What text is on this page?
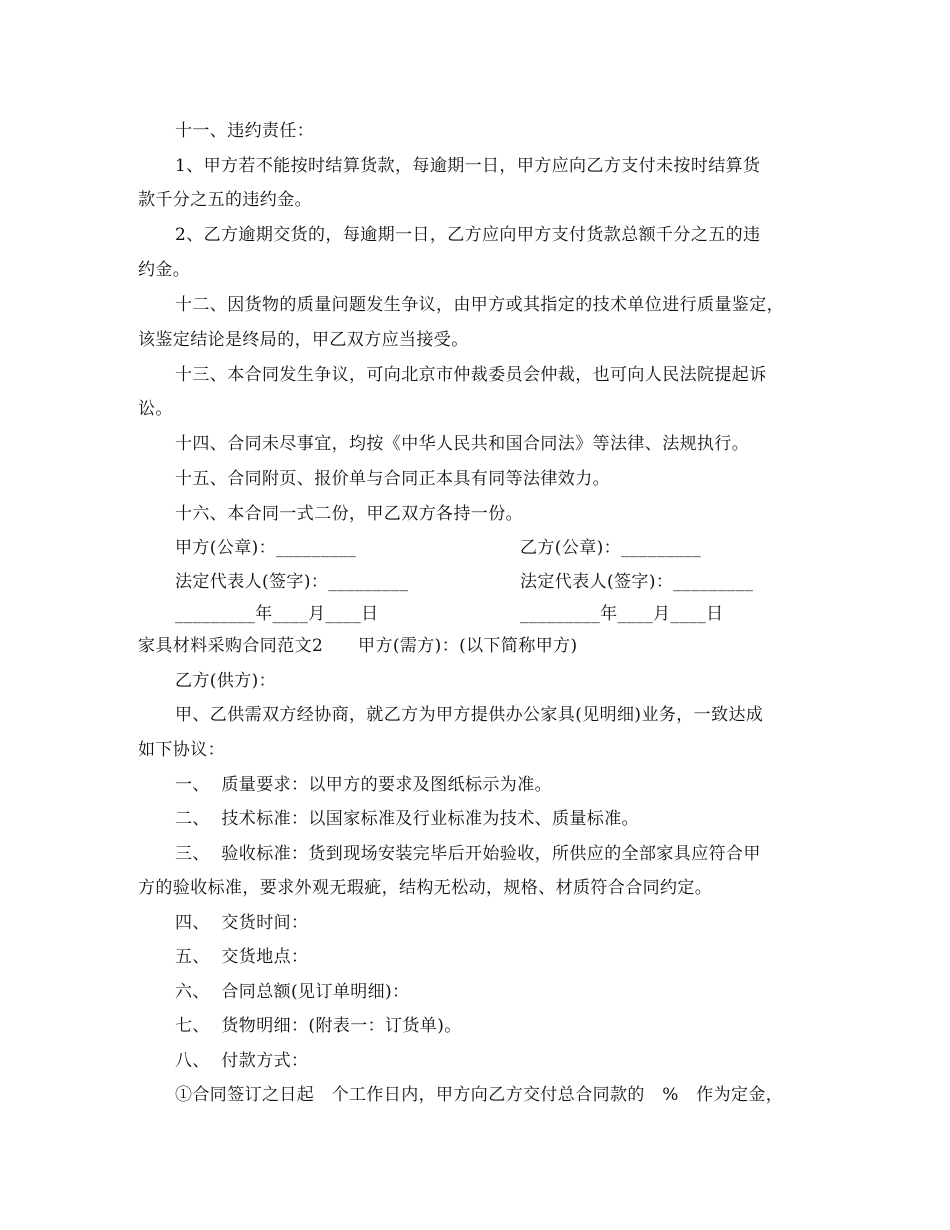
十一、违约责任：
1、甲方若不能按时结算货款，每逾期一日，甲方应向乙方支付未按时结算货
款千分之五的违约金。
2、乙方逾期交货的，每逾期一日，乙方应向甲方支付货款总额千分之五的违
约金。
十二、因货物的质量问题发生争议，由甲方或其指定的技术单位进行质量鉴定，
该鉴定结论是终局的，甲乙双方应当接受。
十三、本合同发生争议，可向北京市仲裁委员会仲裁，也可向人民法院提起诉
讼。
十四、合同未尽事宜，均按《中华人民共和国合同法》等法律、法规执行。
十五、合同附页、报价单与合同正本具有同等法律效力。
十六、本合同一式二份，甲乙双方各持一份。
甲方(公章)：_________	乙方(公章)：_________
法定代表人(签字)：_________	法定代表人(签字)：_________
_________年____月____日	_________年____月____日
家具材料采购合同范文2      甲方(需方)：(以下简称甲方)
乙方(供方)：
甲、乙供需双方经协商，就乙方为甲方提供办公家具(见明细)业务，一致达成
如下协议：
一、  质量要求：以甲方的要求及图纸标示为准。
二、  技术标准：以国家标准及行业标准为技术、质量标准。
三、  验收标准：货到现场安装完毕后开始验收，所供应的全部家具应符合甲
方的验收标准，要求外观无瑕疵，结构无松动，规格、材质符合合同约定。
四、  交货时间：
五、  交货地点：
六、  合同总额(见订单明细)：
七、  货物明细：(附表一：订货单)。
八、  付款方式：
①合同签订之日起   个工作日内，甲方向乙方交付总合同款的   %   作为定金，
